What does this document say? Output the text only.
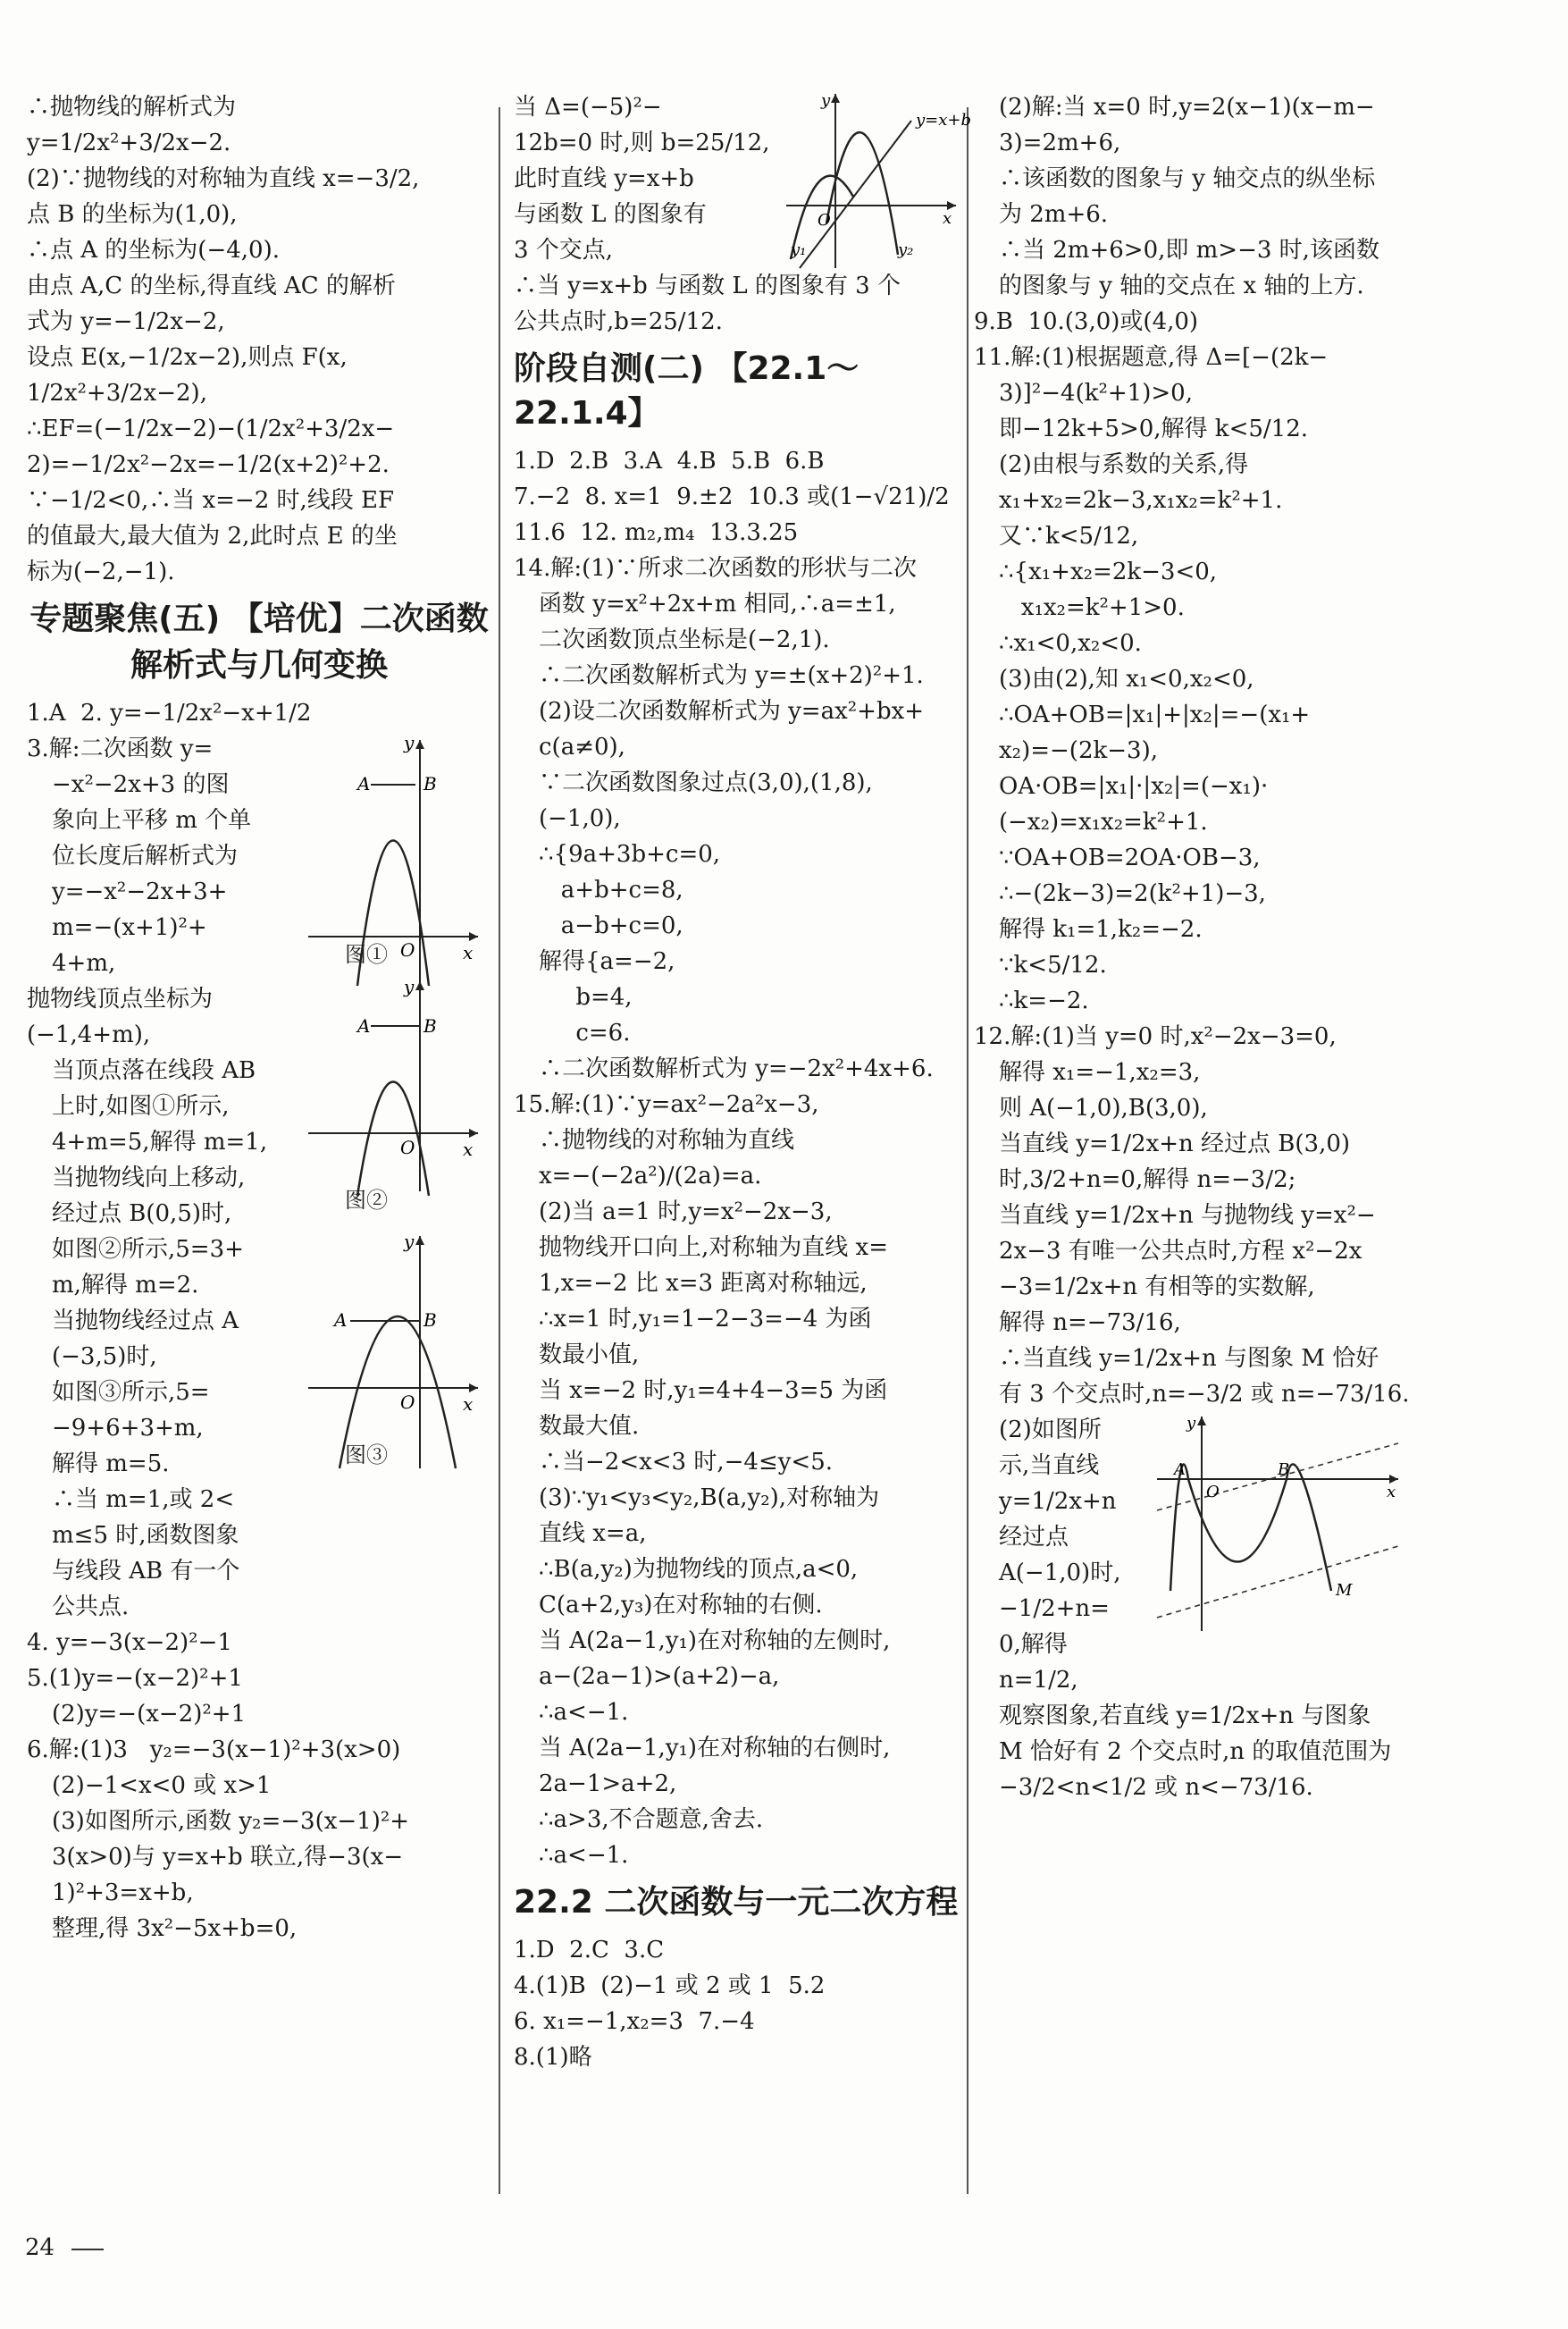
∴抛物线的解析式为
y=1/2x²+3/2x−2.
(2)∵抛物线的对称轴为直线 x=−3/2,
点 B 的坐标为(1,0),
∴点 A 的坐标为(−4,0).
由点 A,C 的坐标,得直线 AC 的解析
式为 y=−1/2x−2,
设点 E(x,−1/2x−2),则点 F(x,
1/2x²+3/2x−2),
∴EF=(−1/2x−2)−(1/2x²+3/2x−
2)=−1/2x²−2x=−1/2(x+2)²+2.
∵−1/2<0,∴当 x=−2 时,线段 EF
的值最大,最大值为 2,此时点 E 的坐
标为(−2,−1).
专题聚焦(五) 【培优】二次函数
解析式与几何变换
1.A  2. y=−1/2x²−x+1/2
3.解:二次函数 y=
−x²−2x+3 的图
象向上平移 m 个单
位长度后解析式为
y=−x²−2x+3+
m=−(x+1)²+
4+m,
抛物线顶点坐标为(−1,4+m),
当顶点落在线段 AB
上时,如图①所示,
4+m=5,解得 m=1,
当抛物线向上移动,
经过点 B(0,5)时,
如图②所示,5=3+
m,解得 m=2.
当抛物线经过点 A
(−3,5)时,
如图③所示,5=
−9+6+3+m,
解得 m=5.
∴当 m=1,或 2<
m≤5 时,函数图象
与线段 AB 有一个
公共点.
A	B
O	x
y
图①
A	B
O	x
y
图②
A	B
O	x
y
图③
4. y=−3(x−2)²−1
5.(1)y=−(x−2)²+1
(2)y=−(x−2)²+1
6.解:(1)3   y₂=−3(x−1)²+3(x>0)
(2)−1<x<0 或 x>1
(3)如图所示,函数 y₂=−3(x−1)²+
3(x>0)与 y=x+b 联立,得−3(x−
1)²+3=x+b,
整理,得 3x²−5x+b=0,
当 Δ=(−5)²−
12b=0 时,则 b=25/12,
此时直线 y=x+b
与函数 L 的图象有
3 个交点,
∴当 y=x+b 与函数 L 的图象有 3 个
公共点时,b=25/12.
y=x+b
y₁	y₂
O	x
y
阶段自测(二) 【22.1～22.1.4】
1.D  2.B  3.A  4.B  5.B  6.B
7.−2  8. x=1  9.±2  10.3 或(1−√21)/2
11.6  12. m₂,m₄  13.3.25
14.解:(1)∵所求二次函数的形状与二次
函数 y=x²+2x+m 相同,∴a=±1,
二次函数顶点坐标是(−2,1).
∴二次函数解析式为 y=±(x+2)²+1.
(2)设二次函数解析式为 y=ax²+bx+
c(a≠0),
∵二次函数图象过点(3,0),(1,8),
(−1,0),
∴{9a+3b+c=0,
a+b+c=8,
a−b+c=0,
解得{a=−2,
b=4,
c=6.
∴二次函数解析式为 y=−2x²+4x+6.
15.解:(1)∵y=ax²−2a²x−3,
∴抛物线的对称轴为直线
x=−(−2a²)/(2a)=a.
(2)当 a=1 时,y=x²−2x−3,
抛物线开口向上,对称轴为直线 x=
1,x=−2 比 x=3 距离对称轴远,
∴x=1 时,y₁=1−2−3=−4 为函
数最小值,
当 x=−2 时,y₁=4+4−3=5 为函
数最大值.
∴当−2<x<3 时,−4≤y<5.
(3)∵y₁<y₃<y₂,B(a,y₂),对称轴为
直线 x=a,
∴B(a,y₂)为抛物线的顶点,a<0,
C(a+2,y₃)在对称轴的右侧.
当 A(2a−1,y₁)在对称轴的左侧时,
a−(2a−1)>(a+2)−a,
∴a<−1.
当 A(2a−1,y₁)在对称轴的右侧时,
2a−1>a+2,
∴a>3,不合题意,舍去.
∴a<−1.
22.2 二次函数与一元二次方程
1.D  2.C  3.C
4.(1)B  (2)−1 或 2 或 1  5.2
6. x₁=−1,x₂=3  7.−4
8.(1)略
(2)解:当 x=0 时,y=2(x−1)(x−m−
3)=2m+6,
∴该函数的图象与 y 轴交点的纵坐标
为 2m+6.
∴当 2m+6>0,即 m>−3 时,该函数
的图象与 y 轴的交点在 x 轴的上方.
9.B  10.(3,0)或(4,0)
11.解:(1)根据题意,得 Δ=[−(2k−
3)]²−4(k²+1)>0,
即−12k+5>0,解得 k<5/12.
(2)由根与系数的关系,得
x₁+x₂=2k−3,x₁x₂=k²+1.
又∵k<5/12,
∴{x₁+x₂=2k−3<0,
x₁x₂=k²+1>0.
∴x₁<0,x₂<0.
(3)由(2),知 x₁<0,x₂<0,
∴OA+OB=|x₁|+|x₂|=−(x₁+
x₂)=−(2k−3),
OA·OB=|x₁|·|x₂|=(−x₁)·
(−x₂)=x₁x₂=k²+1.
∵OA+OB=2OA·OB−3,
∴−(2k−3)=2(k²+1)−3,
解得 k₁=1,k₂=−2.
∵k<5/12.
∴k=−2.
12.解:(1)当 y=0 时,x²−2x−3=0,
解得 x₁=−1,x₂=3,
则 A(−1,0),B(3,0),
当直线 y=1/2x+n 经过点 B(3,0)
时,3/2+n=0,解得 n=−3/2;
当直线 y=1/2x+n 与抛物线 y=x²−
2x−3 有唯一公共点时,方程 x²−2x
−3=1/2x+n 有相等的实数解,
解得 n=−73/16,
∴当直线 y=1/2x+n 与图象 M 恰好
有 3 个交点时,n=−3/2 或 n=−73/16.
(2)如图所
示,当直线
y=1/2x+n
经过点
A(−1,0)时,
−1/2+n=
0,解得 n=1/2,
A	B
M
O	x
y
观察图象,若直线 y=1/2x+n 与图象
M 恰好有 2 个交点时,n 的取值范围为
−3/2<n<1/2 或 n<−73/16.
24
